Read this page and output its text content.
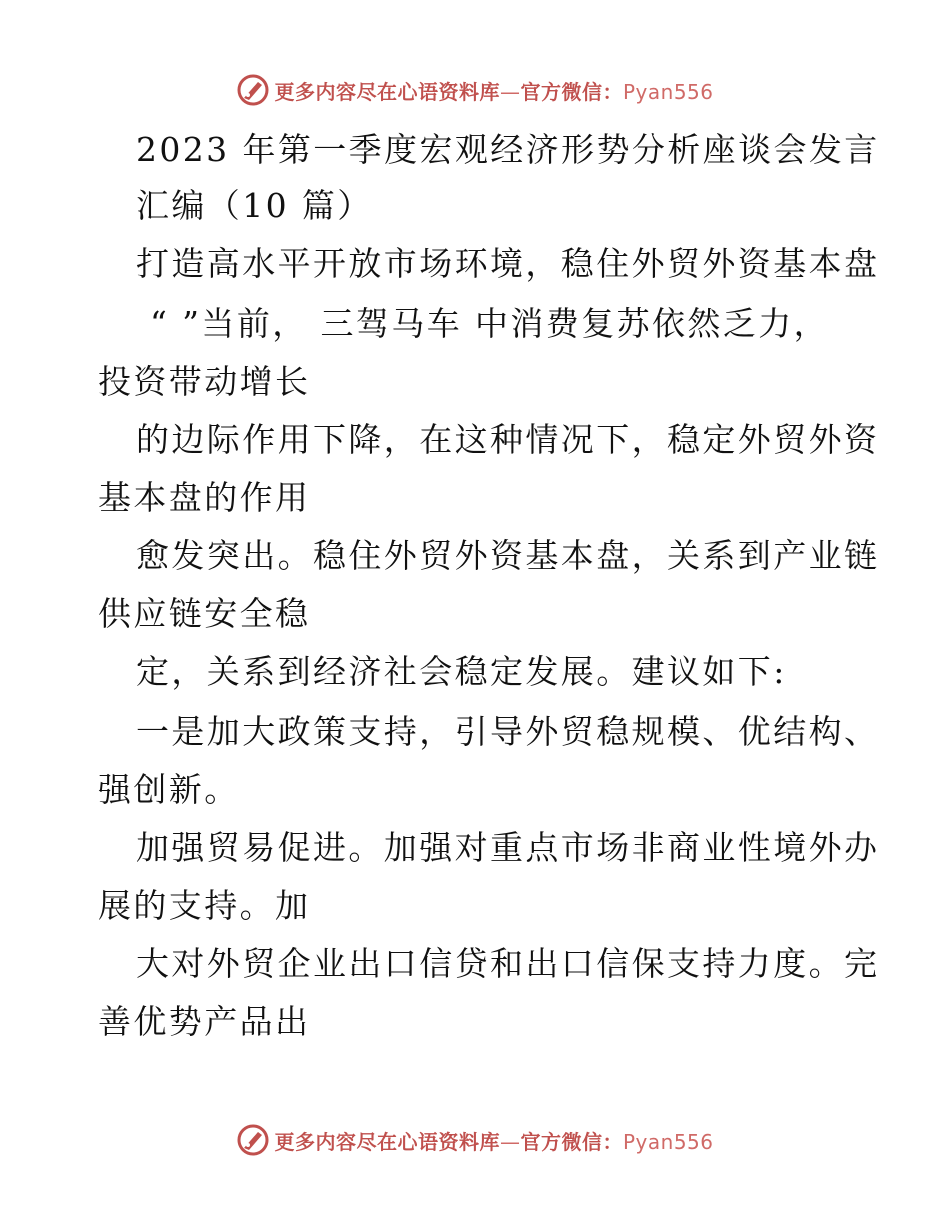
更多内容尽在心语资料库—官方微信：Pyan556
2023 年第一季度宏观经济形势分析座谈会发言
汇编（10 篇）
打造高水平开放市场环境，稳住外贸外资基本盘
“ ”当前， 三驾马车 中消费复苏依然乏力，
投资带动增长
的边际作用下降，在这种情况下，稳定外贸外资
基本盘的作用
愈发突出。稳住外贸外资基本盘，关系到产业链
供应链安全稳
定，关系到经济社会稳定发展。建议如下:
一是加大政策支持，引导外贸稳规模、优结构、
强创新。
加强贸易促进。加强对重点市场非商业性境外办
展的支持。加
大对外贸企业出口信贷和出口信保支持力度。完
善优势产品出
更多内容尽在心语资料库—官方微信：Pyan556
